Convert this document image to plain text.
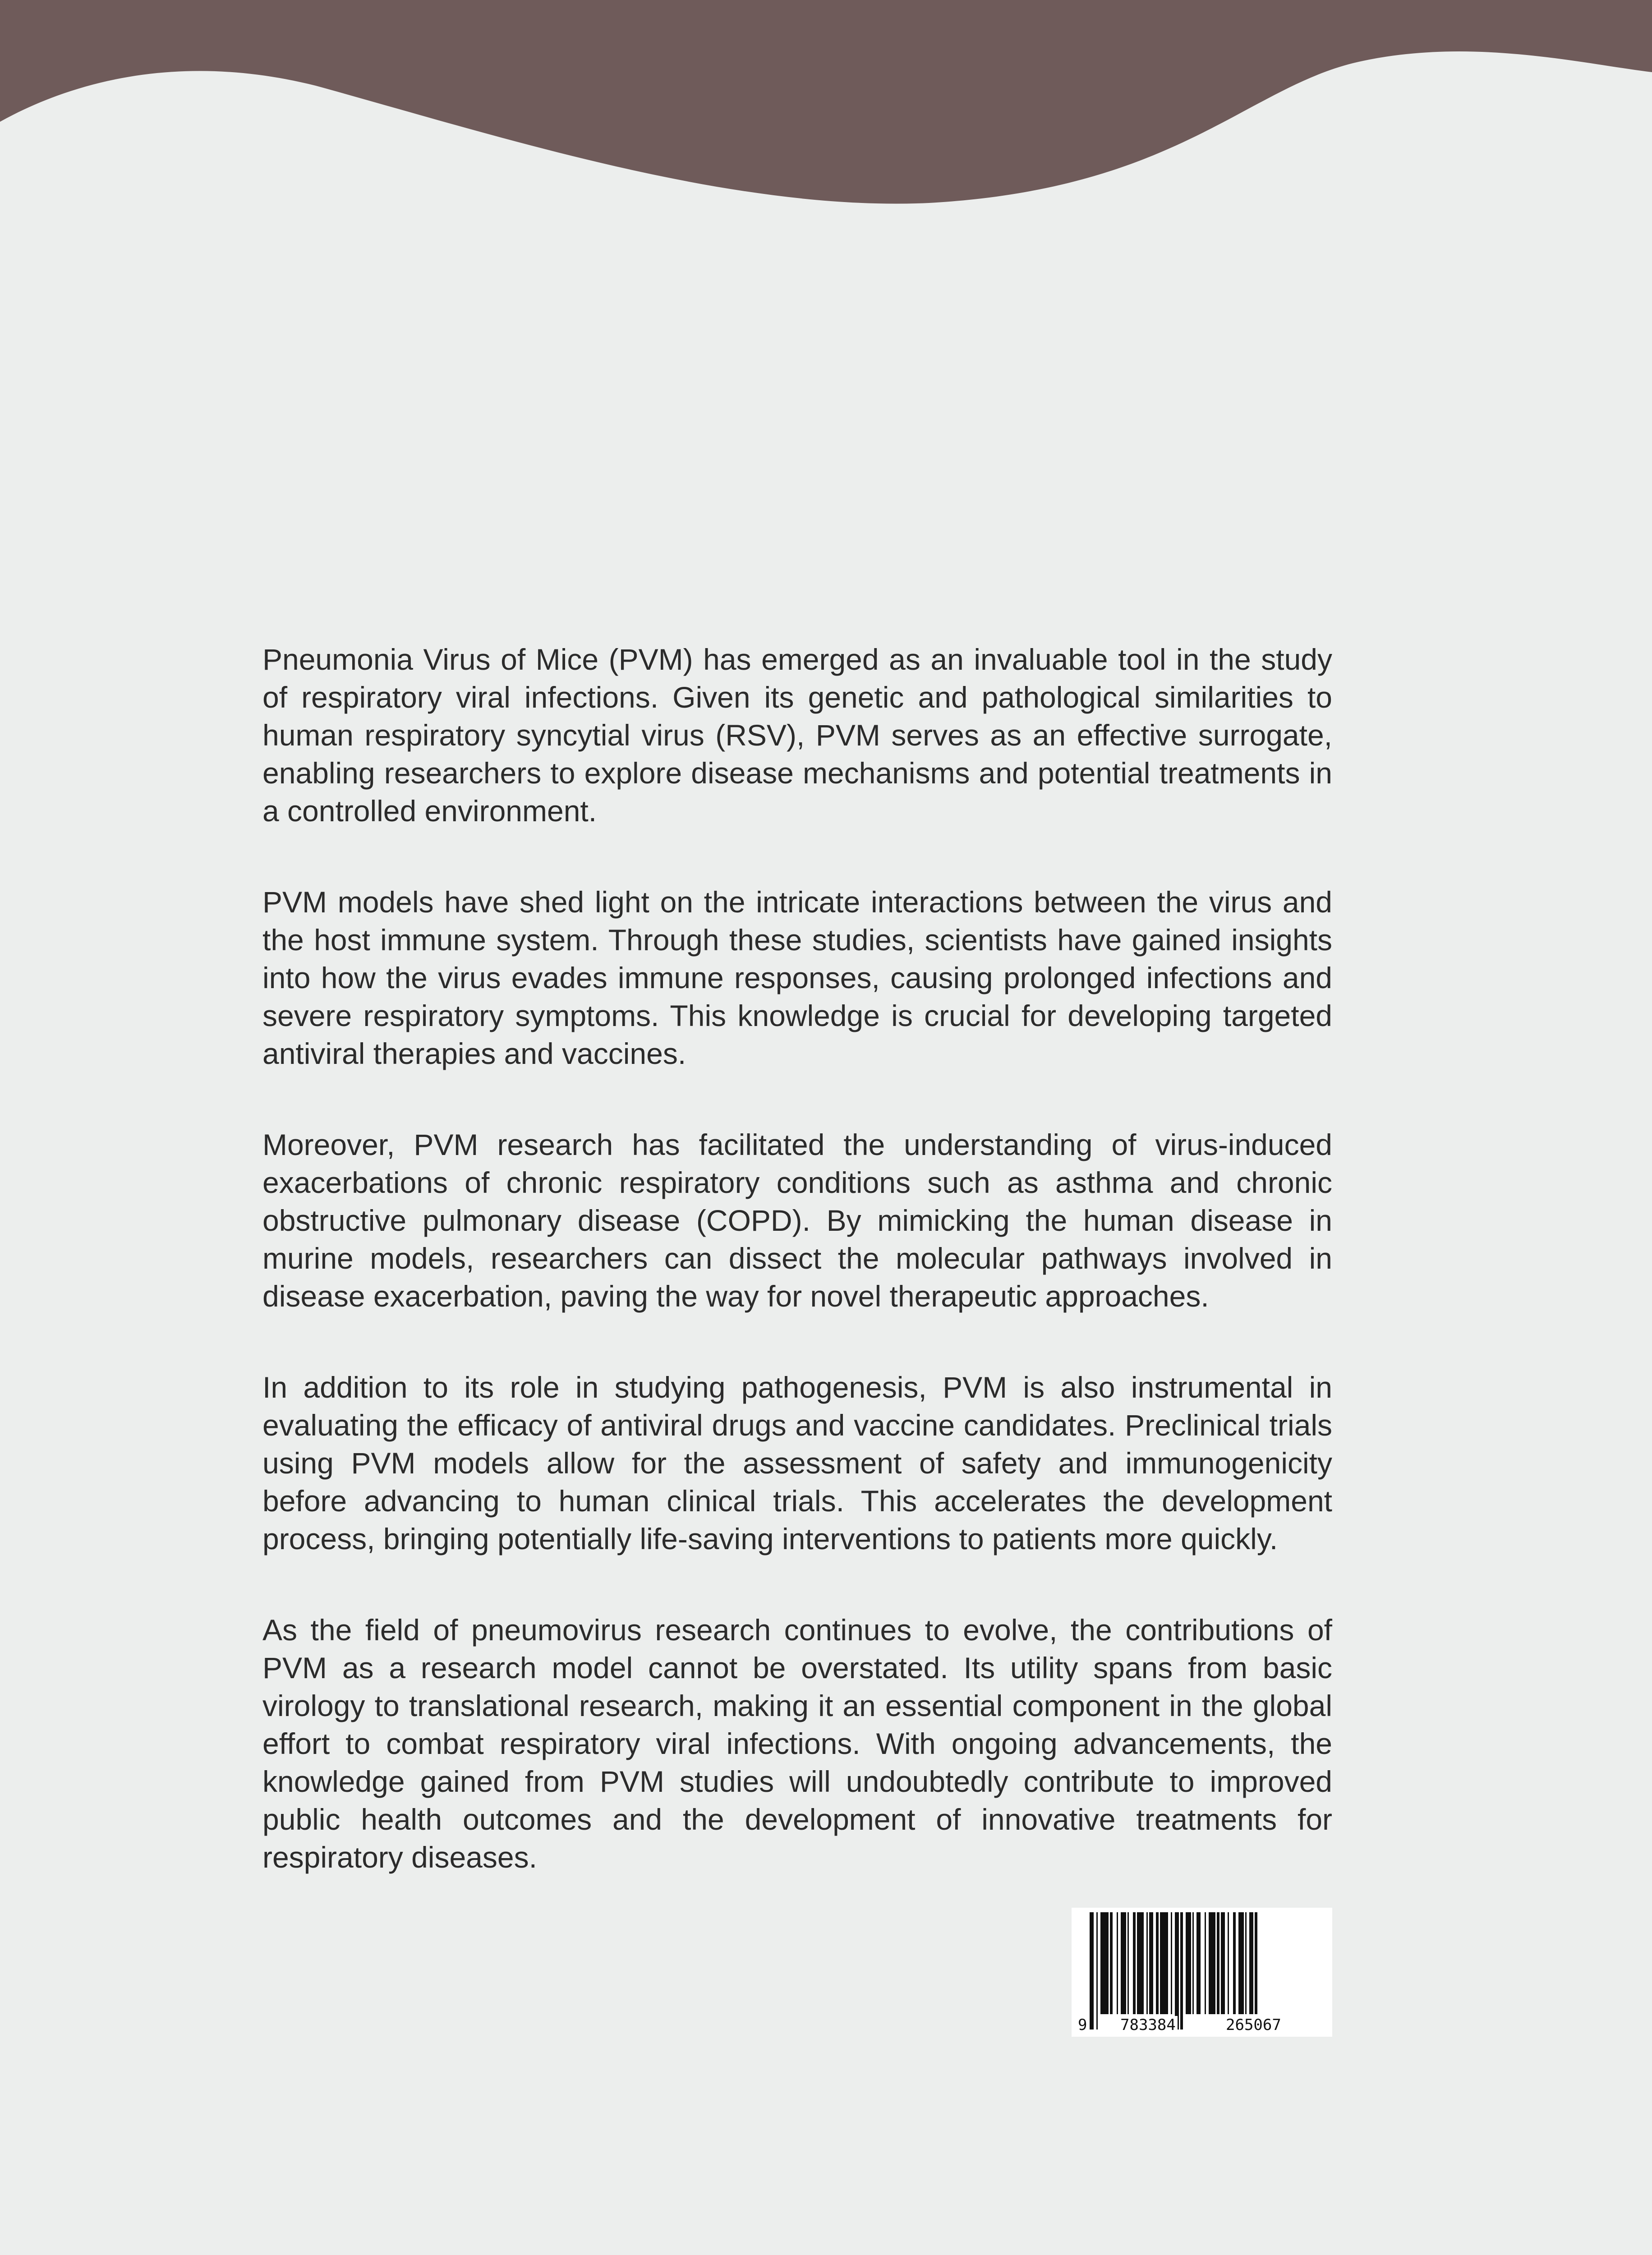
Pneumonia Virus of Mice (PVM) has emerged as an invaluable tool in the study of respiratory viral infections. Given its genetic and pathological similarities to human respiratory syncytial virus (RSV), PVM serves as an effective surrogate, enabling researchers to explore disease mechanisms and potential treatments in a controlled environment.

PVM models have shed light on the intricate interactions between the virus and the host immune system. Through these studies, scientists have gained insights into how the virus evades immune responses, causing prolonged infections and severe respiratory symptoms. This knowledge is crucial for developing targeted antiviral therapies and vaccines.

Moreover, PVM research has facilitated the understanding of virus-induced exacerbations of chronic respiratory conditions such as asthma and chronic obstructive pulmonary disease (COPD). By mimicking the human disease in murine models, researchers can dissect the molecular pathways involved in disease exacerbation, paving the way for novel therapeutic approaches.

In addition to its role in studying pathogenesis, PVM is also instrumental in evaluating the efficacy of antiviral drugs and vaccine candidates. Preclinical trials using PVM models allow for the assessment of safety and immunogenicity before advancing to human clinical trials. This accelerates the development process, bringing potentially life-saving interventions to patients more quickly.

As the field of pneumovirus research continues to evolve, the contributions of PVM as a research model cannot be overstated. Its utility spans from basic virology to translational research, making it an essential component in the global effort to combat respiratory viral infections. With ongoing advancements, the knowledge gained from PVM studies will undoubtedly contribute to improved public health outcomes and the development of innovative treatments for respiratory diseases.

9 783384	265067
